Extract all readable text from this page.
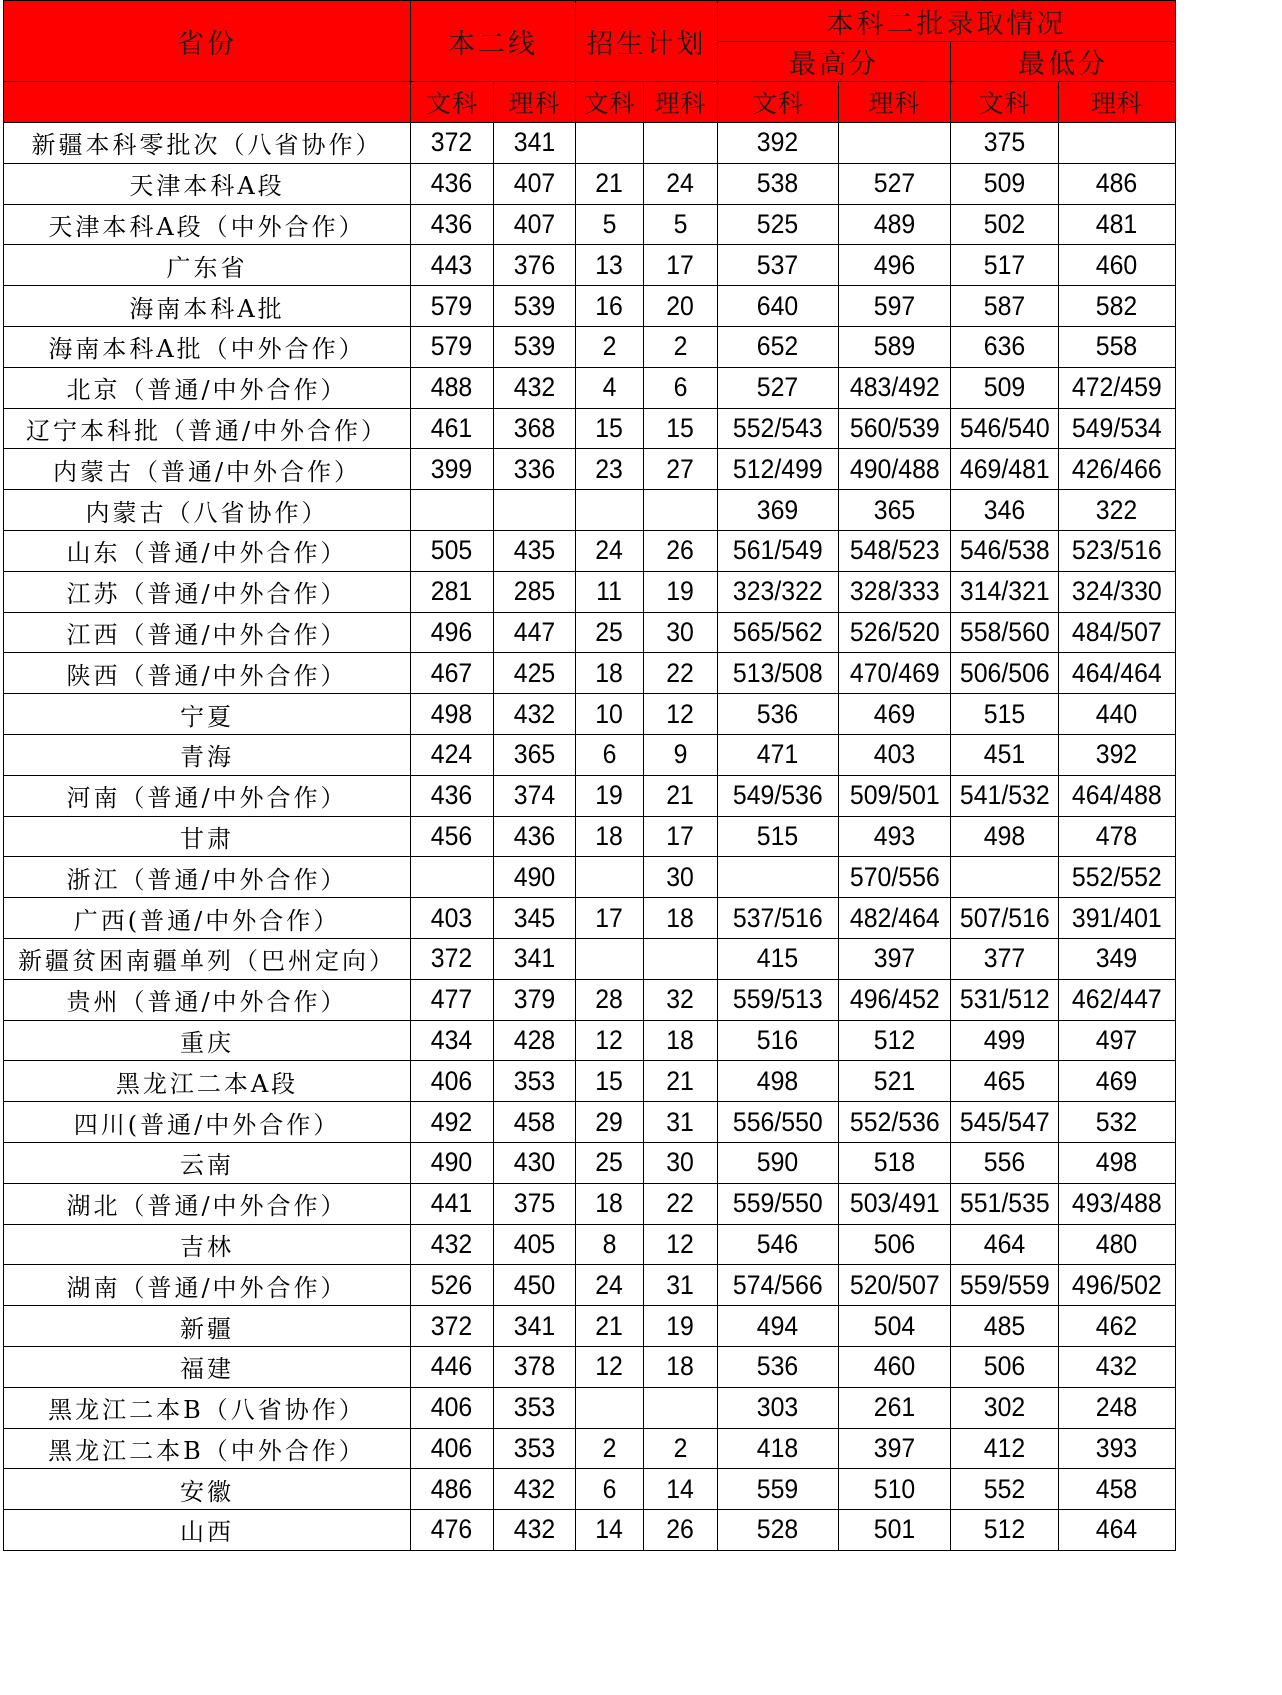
省份	本二线		招生计划		本科二批录取情况			
					最高分		最低分	
	文科	理科	文科	理科	文科	理科	文科	理科
新疆本科零批次（八省协作）	372	341			392		375	
天津本科A段	436	407	21	24	538	527	509	486
天津本科A段（中外合作）	436	407	5	5	525	489	502	481
广东省	443	376	13	17	537	496	517	460
海南本科A批	579	539	16	20	640	597	587	582
海南本科A批（中外合作）	579	539	2	2	652	589	636	558
北京（普通/中外合作）	488	432	4	6	527	483/492	509	472/459
辽宁本科批（普通/中外合作）	461	368	15	15	552/543	560/539	546/540	549/534
内蒙古（普通/中外合作）	399	336	23	27	512/499	490/488	469/481	426/466
内蒙古（八省协作）					369	365	346	322
山东（普通/中外合作）	505	435	24	26	561/549	548/523	546/538	523/516
江苏（普通/中外合作）	281	285	11	19	323/322	328/333	314/321	324/330
江西（普通/中外合作）	496	447	25	30	565/562	526/520	558/560	484/507
陕西（普通/中外合作）	467	425	18	22	513/508	470/469	506/506	464/464
宁夏	498	432	10	12	536	469	515	440
青海	424	365	6	9	471	403	451	392
河南（普通/中外合作）	436	374	19	21	549/536	509/501	541/532	464/488
甘肃	456	436	18	17	515	493	498	478
浙江（普通/中外合作）		490		30		570/556		552/552
广西(普通/中外合作）	403	345	17	18	537/516	482/464	507/516	391/401
新疆贫困南疆单列（巴州定向）	372	341			415	397	377	349
贵州（普通/中外合作）	477	379	28	32	559/513	496/452	531/512	462/447
重庆	434	428	12	18	516	512	499	497
黑龙江二本A段	406	353	15	21	498	521	465	469
四川(普通/中外合作）	492	458	29	31	556/550	552/536	545/547	532
云南	490	430	25	30	590	518	556	498
湖北（普通/中外合作）	441	375	18	22	559/550	503/491	551/535	493/488
吉林	432	405	8	12	546	506	464	480
湖南（普通/中外合作）	526	450	24	31	574/566	520/507	559/559	496/502
新疆	372	341	21	19	494	504	485	462
福建	446	378	12	18	536	460	506	432
黑龙江二本B（八省协作）	406	353			303	261	302	248
黑龙江二本B（中外合作）	406	353	2	2	418	397	412	393
安徽	486	432	6	14	559	510	552	458
山西	476	432	14	26	528	501	512	464
